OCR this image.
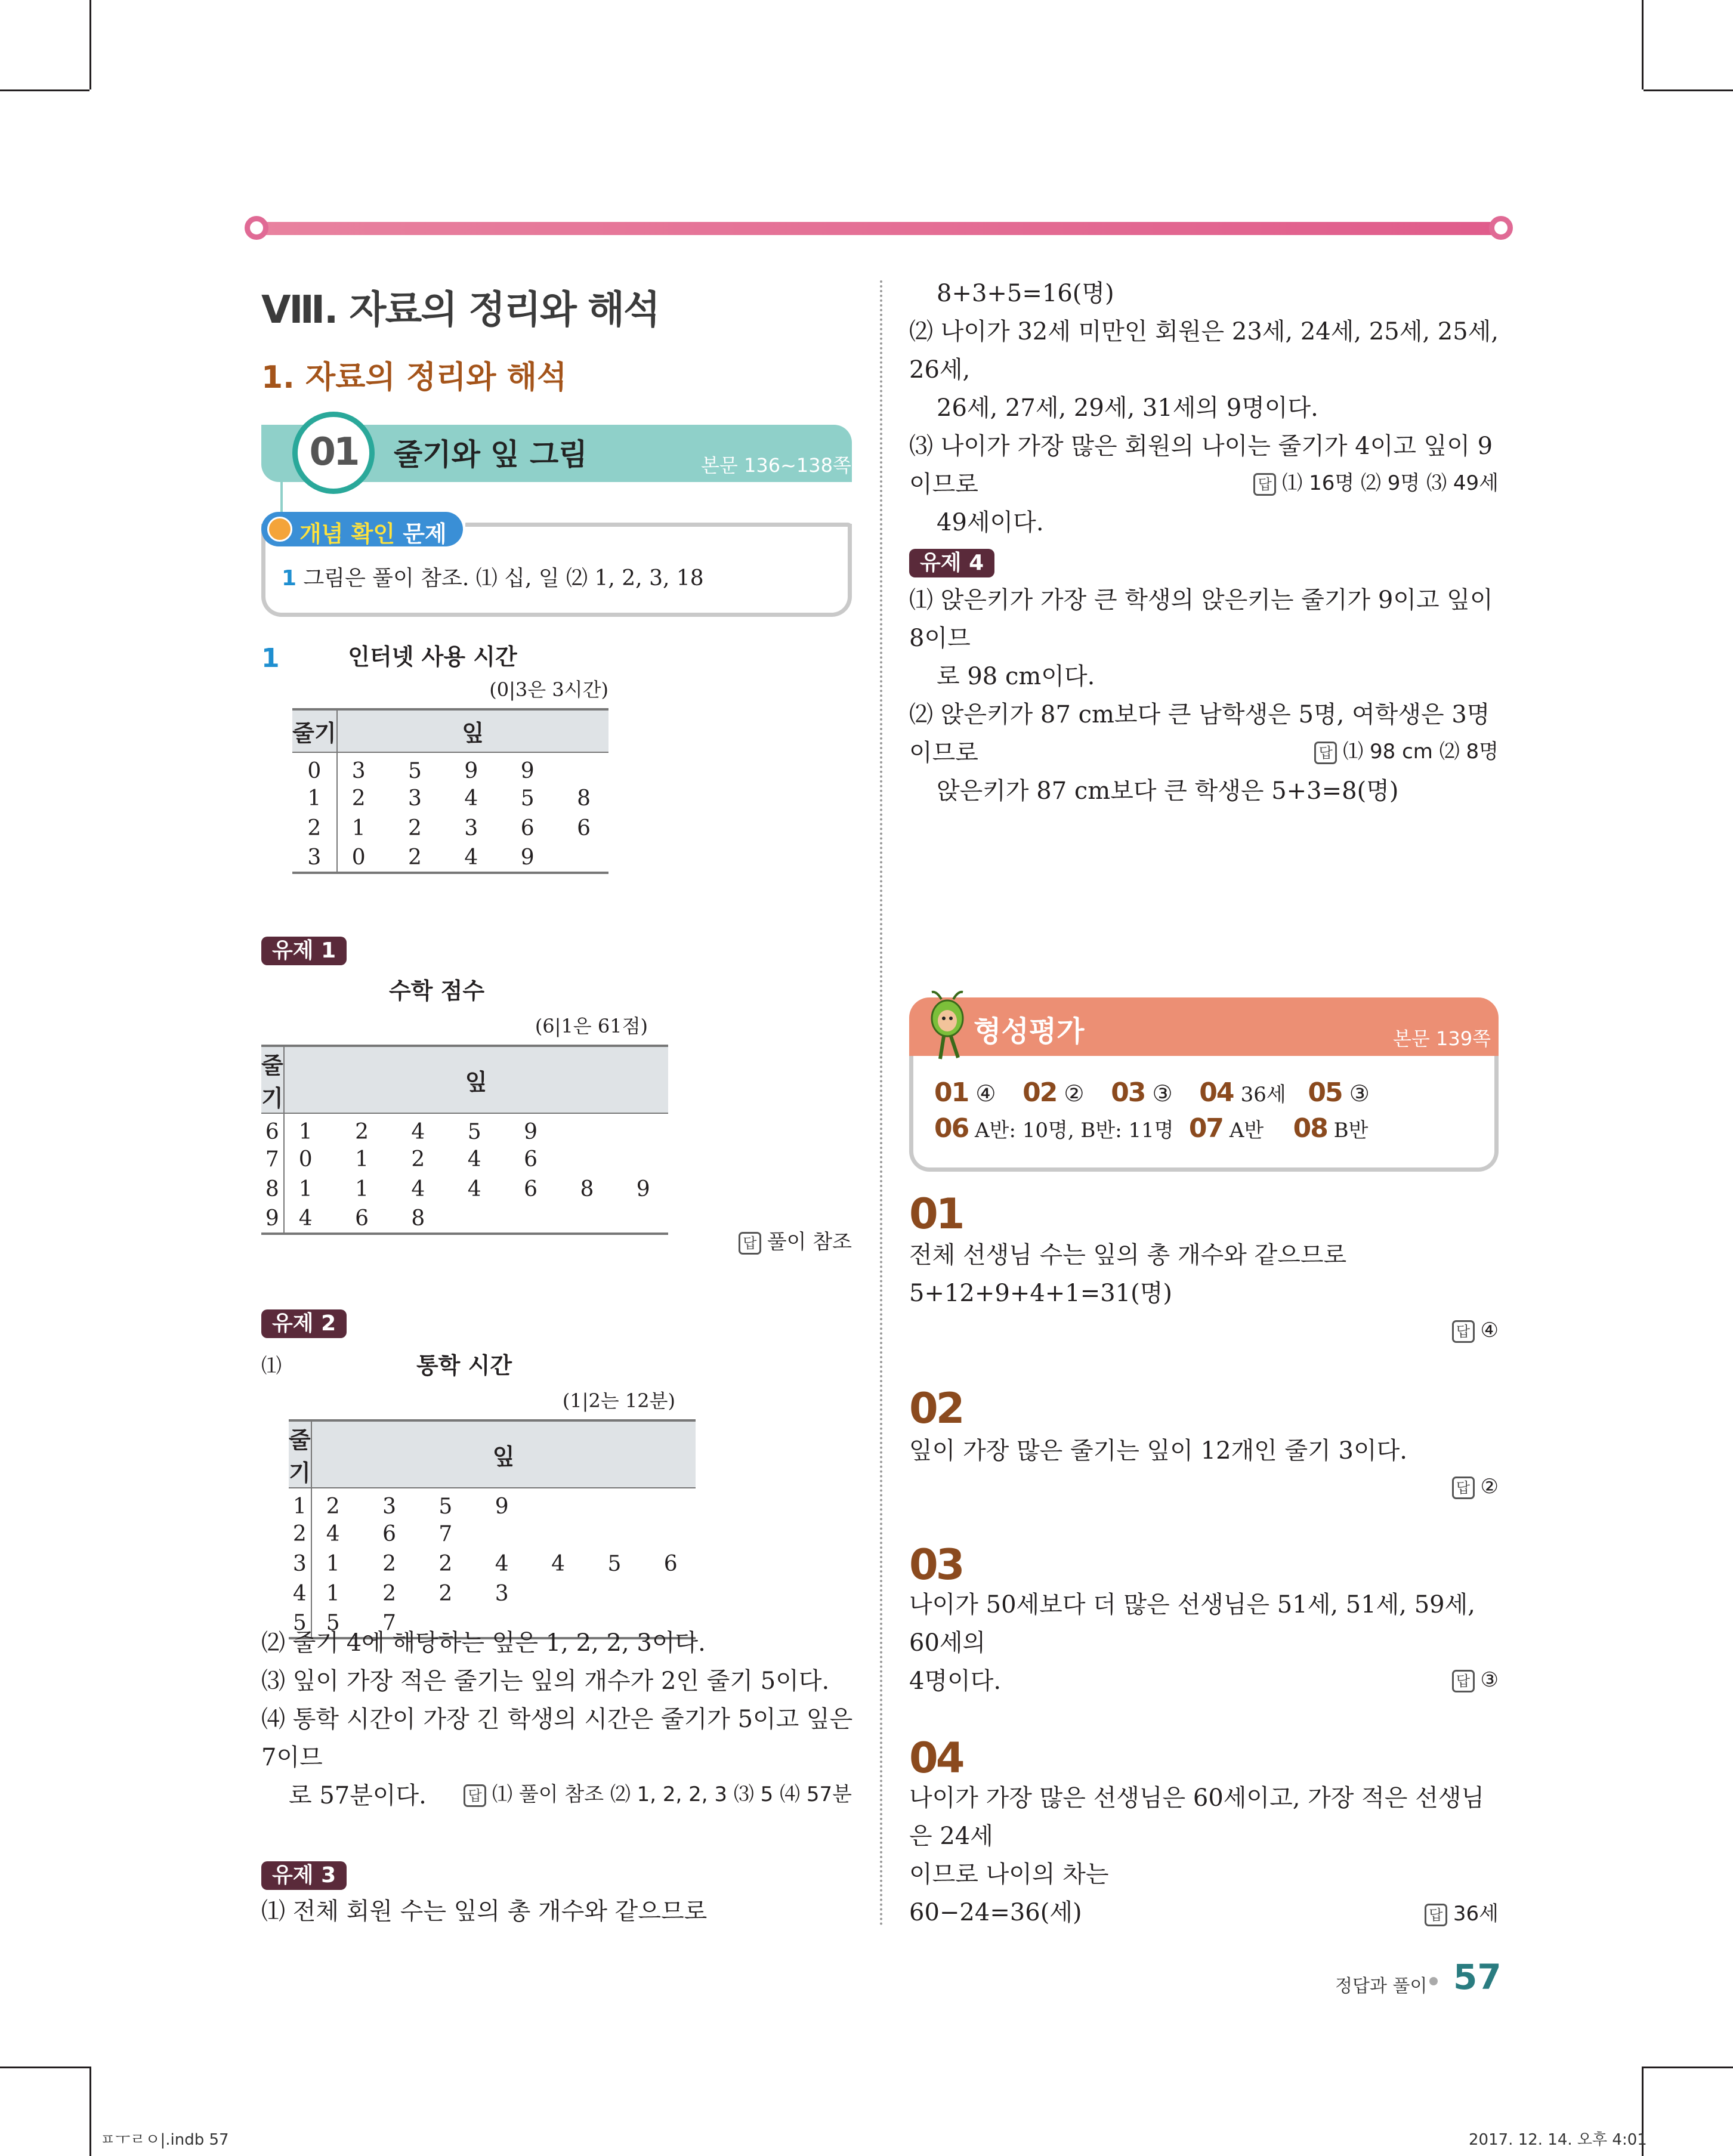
Ⅷ. 자료의 정리와 해석
1. 자료의 정리와 해석
01	줄기와 잎 그림	본문 136~138쪽
개념 확인 문제
1 그림은 풀이 참조. ⑴ 십, 일 ⑵ 1, 2, 3, 18
1	인터넷 사용 시간
(0|3은 3시간)
줄기	잎
0	3 5 9 9
1	2 3 4 5 8
2	1 2 3 6 6
3	0 2 4 9
유제 1
수학 점수
(6|1은 61점)
줄기	잎
6	1 2 4 5 9
7	0 1 2 4 6
8	1 1 4 4 6 8 9
9	4 6 8
답 풀이 참조
유제 2
⑴	통학 시간
(1|2는 12분)
줄기	잎
1	2 3 5 9
2	4 6 7
3	1 2 2 4 4 5 6
4	1 2 2 3
5	5 7
⑵ 줄기 4에 해당하는 잎은 1, 2, 2, 3이다.
⑶ 잎이 가장 적은 줄기는 잎의 개수가 2인 줄기 5이다.
⑷ 통학 시간이 가장 긴 학생의 시간은 줄기가 5이고 잎은 7이므
로 57분이다.	답 ⑴ 풀이 참조 ⑵ 1, 2, 2, 3 ⑶ 5 ⑷ 57분
유제 3
⑴ 전체 회원 수는 잎의 총 개수와 같으므로
8+3+5=16(명)
⑵ 나이가 32세 미만인 회원은 23세, 24세, 25세, 25세, 26세,
26세, 27세, 29세, 31세의 9명이다.
⑶ 나이가 가장 많은 회원의 나이는 줄기가 4이고 잎이 9이므로
49세이다.
답 ⑴ 16명 ⑵ 9명 ⑶ 49세
유제 4
⑴ 앉은키가 가장 큰 학생의 앉은키는 줄기가 9이고 잎이 8이므
로 98 cm이다.
⑵ 앉은키가 87 cm보다 큰 남학생은 5명, 여학생은 3명이므로
앉은키가 87 cm보다 큰 학생은 5+3=8(명)
답 ⑴ 98 cm ⑵ 8명
형성평가	본문 139쪽
01 ④ 02 ② 03 ③ 04 36세 05 ③
06 A반: 10명, B반: 11명 07 A반 08 B반
01
전체 선생님 수는 잎의 총 개수와 같으므로
5+12+9+4+1=31(명)
답 ④
02
잎이 가장 많은 줄기는 잎이 12개인 줄기 3이다.
답 ②
03
나이가 50세보다 더 많은 선생님은 51세, 51세, 59세, 60세의
4명이다.	답 ③
04
나이가 가장 많은 선생님은 60세이고, 가장 적은 선생님은 24세
이므로 나이의 차는
60−24=36(세)	답 36세
정답과 풀이 57
ㅍㅜㄹㅇ|.indb 57	2017. 12. 14. 오후 4:01
